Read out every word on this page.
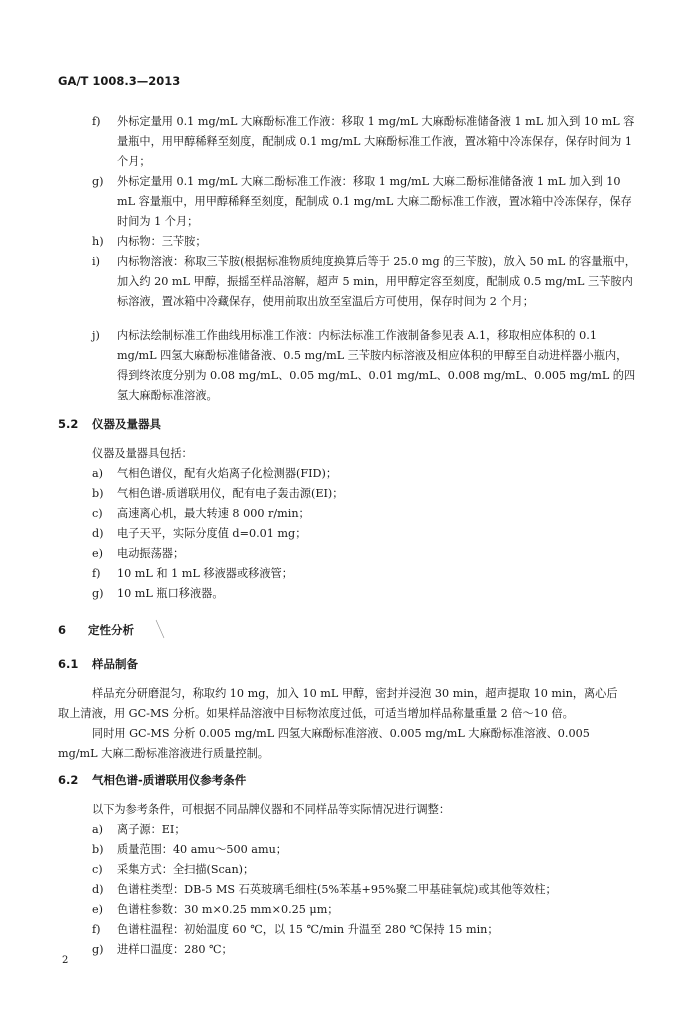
GA/T 1008.3—2013
f)	外标定量用 0.1 mg/mL 大麻酚标准工作液：移取 1 mg/mL 大麻酚标准储备液 1 mL 加入到 10 mL 容量瓶中，用甲醇稀释至刻度，配制成 0.1 mg/mL 大麻酚标准工作液，置冰箱中冷冻保存，保存时间为 1 个月；
g)	外标定量用 0.1 mg/mL 大麻二酚标准工作液：移取 1 mg/mL 大麻二酚标准储备液 1 mL 加入到 10 mL 容量瓶中，用甲醇稀释至刻度，配制成 0.1 mg/mL 大麻二酚标准工作液，置冰箱中冷冻保存，保存时间为 1 个月；
h)	内标物：三苄胺；
i)	内标物溶液：称取三苄胺(根据标准物质纯度换算后等于 25.0 mg 的三苄胺)，放入 50 mL 的容量瓶中，加入约 20 mL 甲醇，振摇至样品溶解，超声 5 min，用甲醇定容至刻度，配制成 0.5 mg/mL 三苄胺内标溶液，置冰箱中冷藏保存，使用前取出放至室温后方可使用，保存时间为 2 个月；
j)	内标法绘制标准工作曲线用标准工作液：内标法标准工作液制备参见表 A.1，移取相应体积的 0.1 mg/mL 四氢大麻酚标准储备液、0.5 mg/mL 三苄胺内标溶液及相应体积的甲醇至自动进样器小瓶内，得到终浓度分别为 0.08 mg/mL、0.05 mg/mL、0.01 mg/mL、0.008 mg/mL、0.005 mg/mL 的四氢大麻酚标准溶液。
5.2 仪器及量器具
仪器及量器具包括：
a)	气相色谱仪，配有火焰离子化检测器(FID)；
b)	气相色谱-质谱联用仪，配有电子轰击源(EI)；
c)	高速离心机，最大转速 8 000 r/min；
d)	电子天平，实际分度值 d=0.01 mg；
e)	电动振荡器；
f)	10 mL 和 1 mL 移液器或移液管；
g)	10 mL 瓶口移液器。
6 定性分析
6.1 样品制备
样品充分研磨混匀，称取约 10 mg，加入 10 mL 甲醇，密封并浸泡 30 min，超声提取 10 min，离心后取上清液，用 GC-MS 分析。如果样品溶液中目标物浓度过低，可适当增加样品称量重量 2 倍～10 倍。
同时用 GC-MS 分析 0.005 mg/mL 四氢大麻酚标准溶液、0.005 mg/mL 大麻酚标准溶液、0.005 mg/mL 大麻二酚标准溶液进行质量控制。
6.2 气相色谱-质谱联用仪参考条件
以下为参考条件，可根据不同品牌仪器和不同样品等实际情况进行调整：
a)	离子源：EI；
b)	质量范围：40 amu～500 amu；
c)	采集方式：全扫描(Scan)；
d)	色谱柱类型：DB-5 MS 石英玻璃毛细柱(5%苯基+95%聚二甲基硅氧烷)或其他等效柱；
e)	色谱柱参数：30 m×0.25 mm×0.25 μm；
f)	色谱柱温程：初始温度 60 ℃，以 15 ℃/min 升温至 280 ℃保持 15 min；
g)	进样口温度：280 ℃；
2
